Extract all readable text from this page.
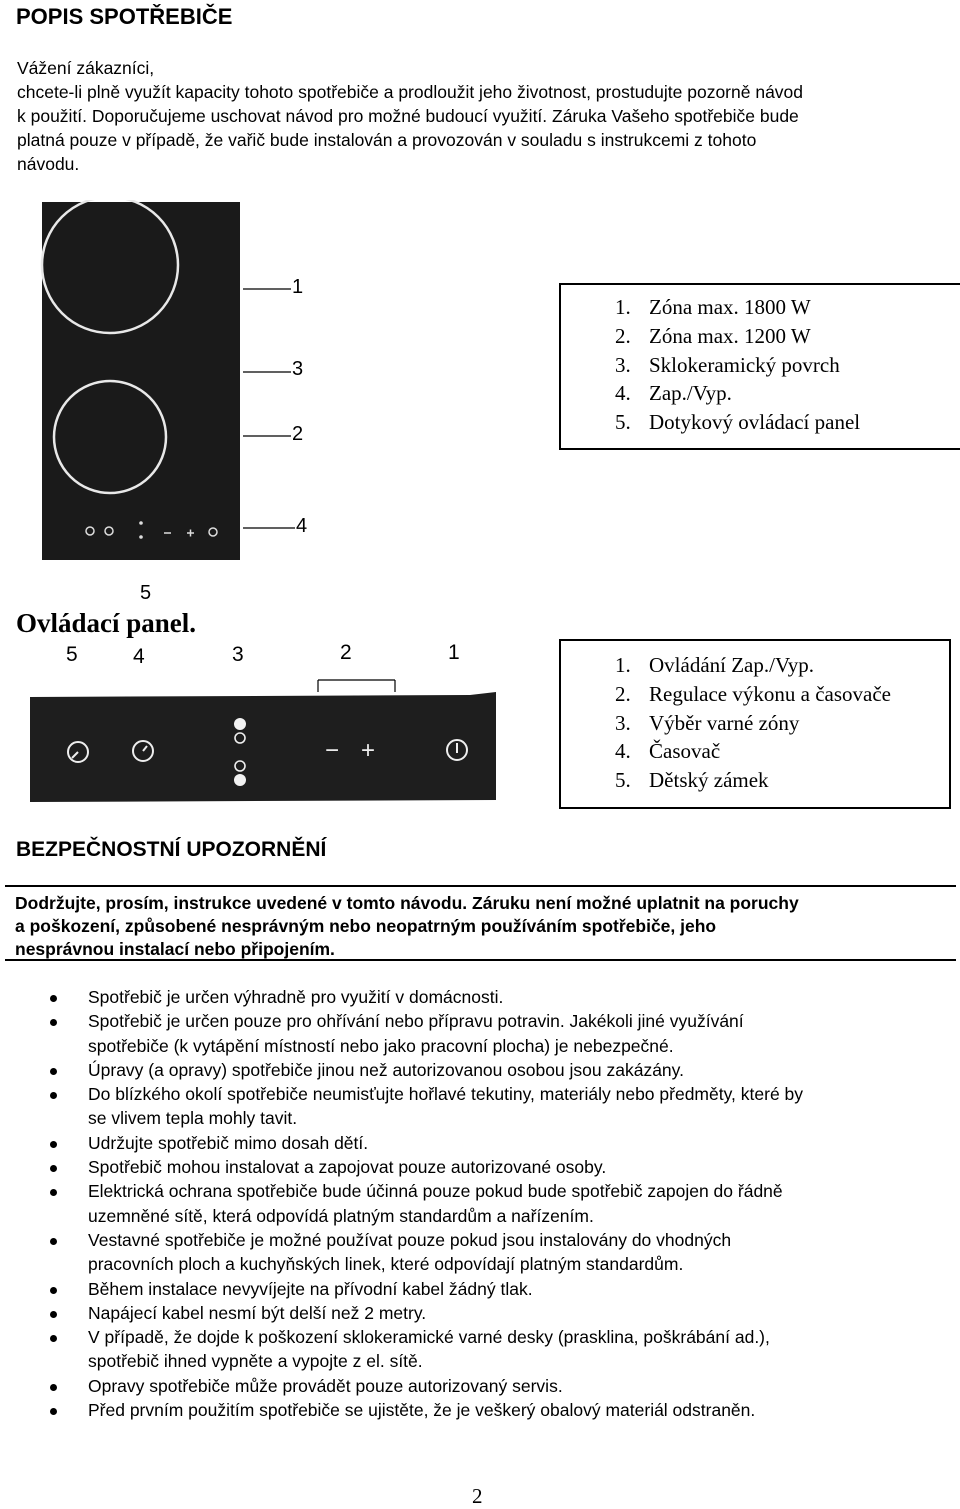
POPIS SPOTŘEBIČE
Vážení zákazníci,
chcete-li plně využít kapacity tohoto spotřebiče a prodloužit jeho životnost, prostudujte pozorně návod
k použití. Doporučujeme uschovat návod pro možné budoucí využití. Záruka Vašeho spotřebiče bude
platná pouze v případě, že vařič bude instalován a provozován v souladu s instrukcemi z tohoto
návodu.
1
3
2
4
5
1. Zóna max. 1800 W
2. Zóna max. 1200 W
3. Sklokeramický povrch
4. Zap./Vyp.
5. Dotykový ovládací panel
Ovládací panel.
5	4	3	2	1
− +
1. Ovládání Zap./Vyp.
2. Regulace výkonu a časovače
3. Výběr varné zóny
4. Časovač
5. Dětský zámek
BEZPEČNOSTNÍ UPOZORNĚNÍ
Dodržujte, prosím, instrukce uvedené v tomto návodu. Záruku není možné uplatnit na poruchy
a poškození, způsobené nesprávným nebo neopatrným používáním spotřebiče, jeho
nesprávnou instalací nebo připojením.
Spotřebič je určen výhradně pro využití v domácnosti.
Spotřebič je určen pouze pro ohřívání nebo přípravu potravin. Jakékoli jiné využívání
spotřebiče (k vytápění místností nebo jako pracovní plocha) je nebezpečné.
Úpravy (a opravy) spotřebiče jinou než autorizovanou osobou jsou zakázány.
Do blízkého okolí spotřebiče neumisťujte hořlavé tekutiny, materiály nebo předměty, které by
se vlivem tepla mohly tavit.
Udržujte spotřebič mimo dosah dětí.
Spotřebič mohou instalovat a zapojovat pouze autorizované osoby.
Elektrická ochrana spotřebiče bude účinná pouze pokud bude spotřebič zapojen do řádně
uzemněné sítě, která odpovídá platným standardům a nařízením.
Vestavné spotřebiče je možné používat pouze pokud jsou instalovány do vhodných
pracovních ploch a kuchyňských linek, které odpovídají platným standardům.
Během instalace nevyvíjejte na přívodní kabel žádný tlak.
Napájecí kabel nesmí být delší než 2 metry.
V případě, že dojde k poškození sklokeramické varné desky (prasklina, poškrábání ad.),
spotřebič ihned vypněte a vypojte z el. sítě.
Opravy spotřebiče může provádět pouze autorizovaný servis.
Před prvním použitím spotřebiče se ujistěte, že je veškerý obalový materiál odstraněn.
2
